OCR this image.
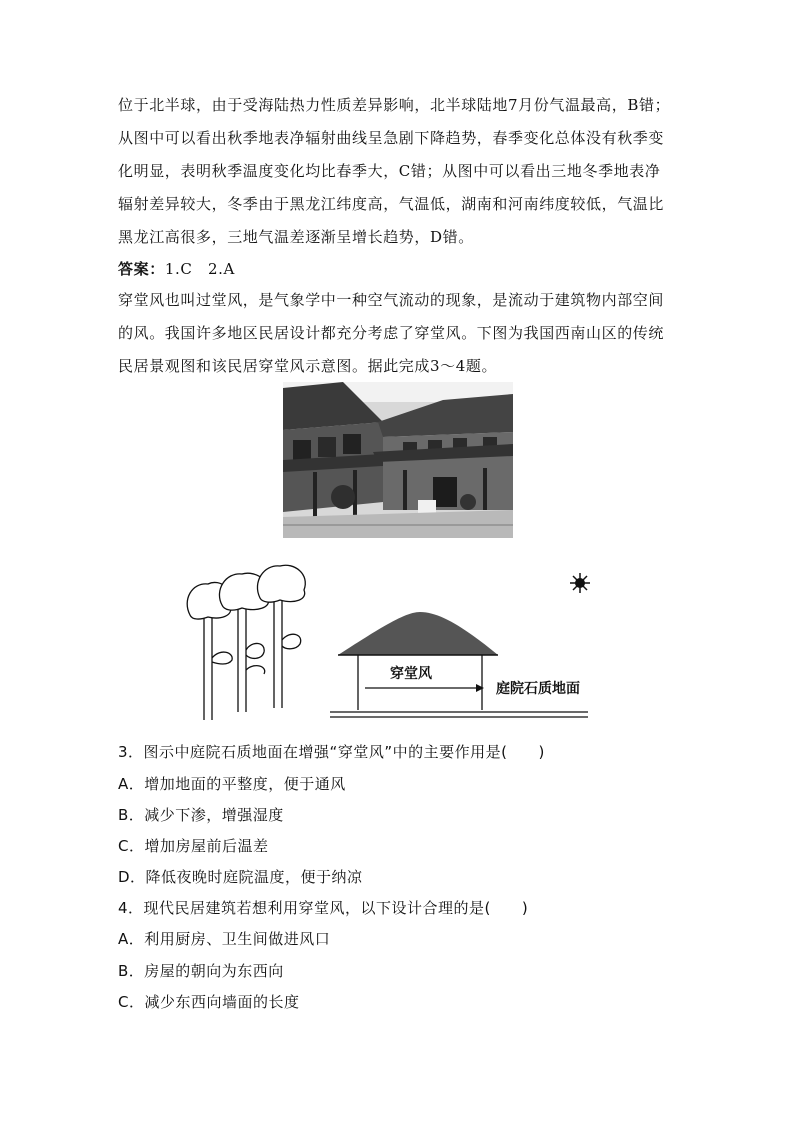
位于北半球，由于受海陆热力性质差异影响，北半球陆地7月份气温最高，B错；
从图中可以看出秋季地表净辐射曲线呈急剧下降趋势，春季变化总体没有秋季变
化明显，表明秋季温度变化均比春季大，C错；从图中可以看出三地冬季地表净
辐射差异较大，冬季由于黑龙江纬度高，气温低，湖南和河南纬度较低，气温比
黑龙江高很多，三地气温差逐渐呈增长趋势，D错。
答案：1.C　2.A
穿堂风也叫过堂风，是气象学中一种空气流动的现象，是流动于建筑物内部空间
的风。我国许多地区民居设计都充分考虑了穿堂风。下图为我国西南山区的传统
民居景观图和该民居穿堂风示意图。据此完成3～4题。
穿堂风
庭院石质地面
3．图示中庭院石质地面在增强“穿堂风”中的主要作用是(　　)
A．增加地面的平整度，便于通风
B．减少下渗，增强湿度
C．增加房屋前后温差
D．降低夜晚时庭院温度，便于纳凉
4．现代民居建筑若想利用穿堂风，以下设计合理的是(　　)
A．利用厨房、卫生间做进风口
B．房屋的朝向为东西向
C．减少东西向墙面的长度
